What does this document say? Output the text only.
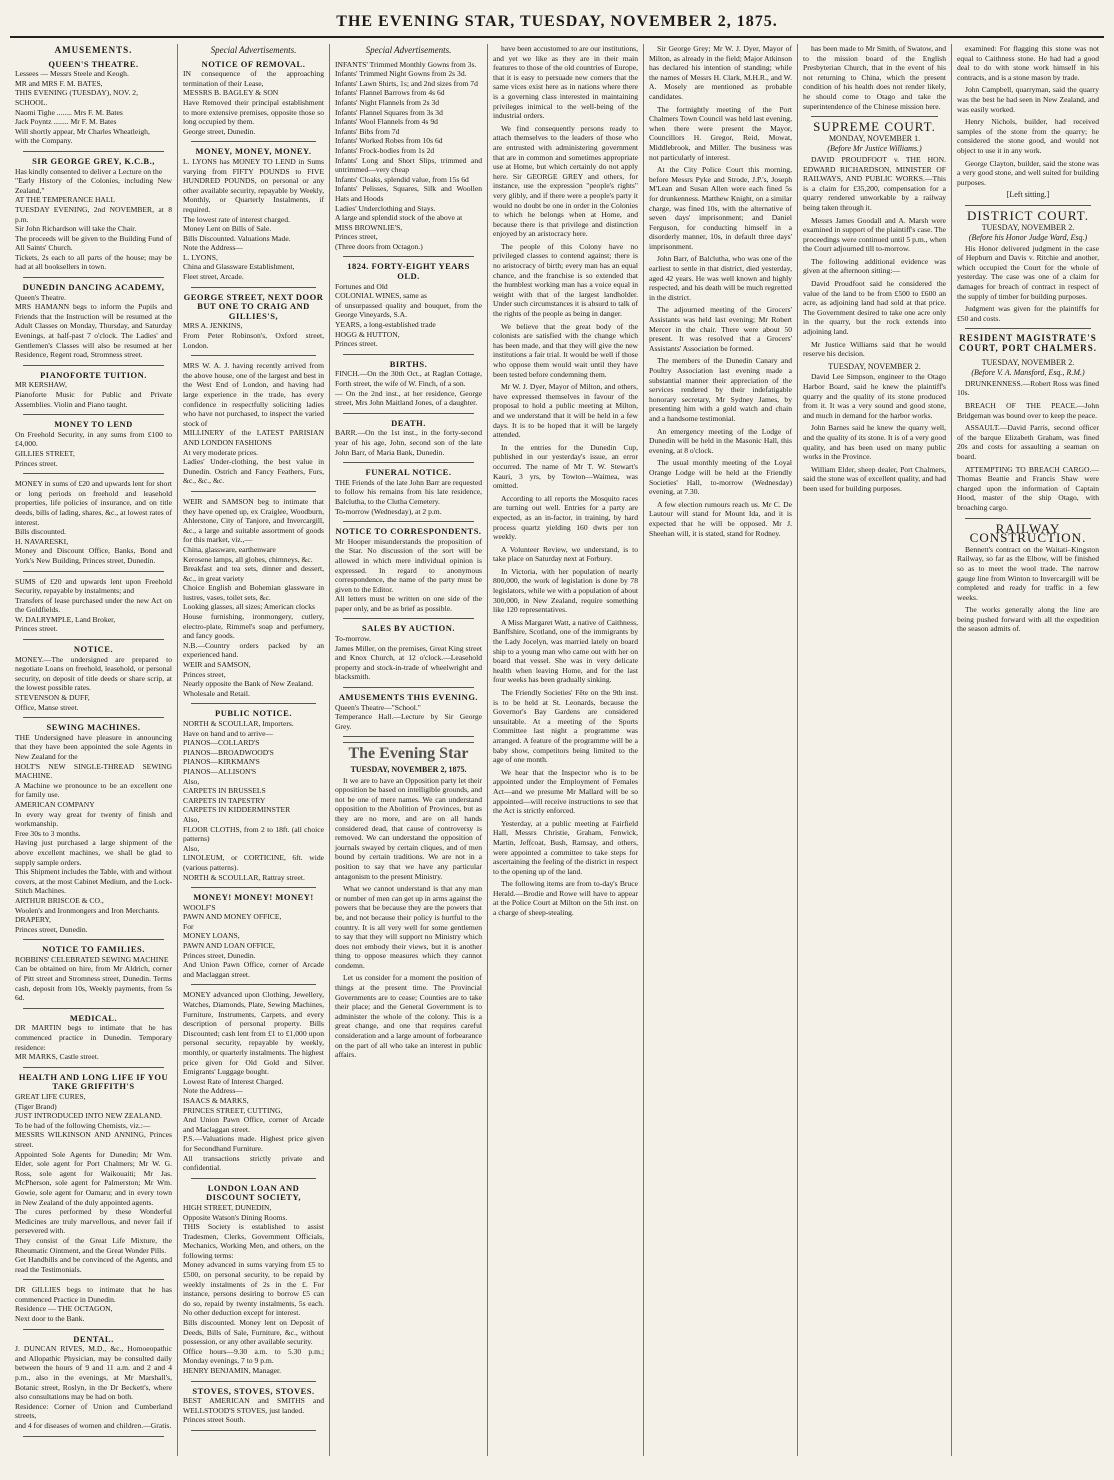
THE EVENING STAR, TUESDAY, NOVEMBER 2, 1875.
AMUSEMENTS.
QUEEN'S THEATRE.
Lessees — Messrs Steele and Keogh.
MR and MRS F. M. BATES,
THIS EVENING (TUESDAY), NOV. 2,
SCHOOL.
Naomi Tighe ........ Mrs F. M. Bates
Jack Poyntz ........ Mr F. M. Bates
Will shortly appear, Mr Charles Wheatleigh,
with the Company.
SIR GEORGE GREY, K.C.B.,
Has kindly consented to deliver a Lecture on the
"Early History of the Colonies, including New Zealand,"
AT THE TEMPERANCE HALL
TUESDAY EVENING, 2nd NOVEMBER, at 8 p.m.
Sir John Richardson will take the Chair.
The proceeds will be given to the Building Fund of All Saints' Church.
Tickets, 2s each to all parts of the house; may be had at all booksellers in town.
DUNEDIN DANCING ACADEMY,
Queen's Theatre.
MRS HAMANN begs to inform the Pupils and Friends that the Instruction will be resumed at the Adult Classes on Monday, Thursday, and Saturday Evenings, at half-past 7 o'clock. The Ladies' and Gentlemen's Classes will also be resumed at her Residence, Regent road, Stromness street.
PIANOFORTE TUITION.
MR KERSHAW,
Pianoforte Music for Public and Private Assemblies. Violin and Piano taught.
MONEY TO LEND
On Freehold Security, in any sums from £100 to £4,000.
GILLIES STREET,
Princes street.
MONEY in sums of £20 and upwards lent for short or long periods on freehold and leasehold properties, life policies of insurance, and on title deeds, bills of lading, shares, &c., at lowest rates of interest.
Bills discounted.
H. NAVARESKI,
Money and Discount Office, Banks, Bond and York's New Building, Princes street, Dunedin.
SUMS of £20 and upwards lent upon Freehold Security, repayable by instalments; and
Transfers of lease purchased under the new Act on the Goldfields.
W. DALRYMPLE, Land Broker,
Princes street.
NOTICE.
MONEY.—The undersigned are prepared to negotiate Loans on freehold, leasehold, or personal security, on deposit of title deeds or share scrip, at the lowest possible rates.
STEVENSON & DUFF,
Office, Manse street.
SEWING MACHINES.
THE Undersigned have pleasure in announcing that they have been appointed the sole Agents in New Zealand for the
HOLT'S NEW SINGLE-THREAD SEWING MACHINE.
A Machine we pronounce to be an excellent one for family use.
AMERICAN COMPANY
In every way great for twenty of finish and workmanship.
Free 30s to 3 months.
Having just purchased a large shipment of the above excellent machines, we shall be glad to supply sample orders.
This Shipment includes the Table, with and without covers, at the most Cabinet Medium, and the Lock-Stitch Machines.
ARTHUR BRISCOE & CO.,
Woolen's and Ironmongers and Iron Merchants.
DRAPERY,
Princes street, Dunedin.
NOTICE TO FAMILIES.
ROBBINS' CELEBRATED SEWING MACHINE
Can be obtained on hire, from Mr Aldrich, corner of Pitt street and Stromness street, Dunedin. Terms cash, deposit from 10s, Weekly payments, from 5s 6d.
MEDICAL.
DR MARTIN begs to intimate that he has commenced practice in Dunedin. Temporary residence:
MR MARKS, Castle street.
HEALTH AND LONG LIFE IF YOU TAKE GRIFFITH'S
GREAT LIFE CURES,
(Tiger Brand)
JUST INTRODUCED INTO NEW ZEALAND.
To be had of the following Chemists, viz.:—
MESSRS WILKINSON AND ANNING, Princes street.
Appointed Sole Agents for Dunedin; Mr Wm. Elder, sole agent for Port Chalmers; Mr W. G. Ross, sole agent for Waikouaiti; Mr Jas. McPherson, sole agent for Palmerston; Mr Wm. Gowie, sole agent for Oamaru; and in every town in New Zealand of the duly appointed agents.
The cures performed by these Wonderful Medicines are truly marvellous, and never fail if persevered with.
They consist of the Great Life Mixture, the Rheumatic Ointment, and the Great Wonder Pills.
Get Handbills and be convinced of the Agents, and read the Testimonials.
DR GILLIES begs to intimate that he has commenced Practice in Dunedin.
Residence — THE OCTAGON,
Next door to the Bank.
DENTAL.
J. DUNCAN RIVES, M.D., &c., Homoeopathic and Allopathic Physician, may be consulted daily between the hours of 9 and 11 a.m. and 2 and 4 p.m., also in the evenings, at Mr Marshall's, Botanic street, Roslyn, in the Dr Beckett's, where also consultations may be had on both.
Residence: Corner of Union and Cumberland streets,
and 4 for diseases of women and children.—Gratis.
Special Advertisements.
NOTICE OF REMOVAL.
IN consequence of the approaching termination of their Lease,
MESSRS B. BAGLEY & SON
Have Removed their principal establishment to more extensive premises, opposite those so long occupied by them.
George street, Dunedin.
MONEY, MONEY, MONEY.
L. LYONS has MONEY TO LEND in Sums varying from FIFTY POUNDS to FIVE HUNDRED POUNDS, on personal or any other available security, repayable by Weekly, Monthly, or Quarterly Instalments, if required.
The lowest rate of interest charged.
Money Lent on Bills of Sale.
Bills Discounted. Valuations Made.
Note the Address—
L. LYONS,
China and Glassware Establishment,
Fleet street, Arcade.
GEORGE STREET, NEXT DOOR BUT ONE TO CRAIG AND GILLIES'S,
MRS A. JENKINS,
From Peter Robinson's, Oxford street, London.
MRS W. A. J. having recently arrived from the above house, one of the largest and best in the West End of London, and having had large experience in the trade, has every confidence in respectfully soliciting ladies who have not purchased, to inspect the varied stock of
MILLINERY of the LATEST PARISIAN AND LONDON FASHIONS
At very moderate prices.
Ladies' Under-clothing, the best value in Dunedin. Ostrich and Fancy Feathers, Furs, &c., &c., &c.
WEIR and SAMSON beg to intimate that they have opened up, ex Craiglee, Woodburn, Ahlerstone, City of Tanjore, and Invercargill, &c., a large and suitable assortment of goods for this market, viz.,—
China, glassware, earthenware
Kerosene lamps, all globes, chimneys, &c.
Breakfast and tea sets, dinner and dessert, &c., in great variety
Choice English and Bohemian glassware in lustres, vases, toilet sets, &c.
Looking glasses, all sizes; American clocks
House furnishing, ironmongery, cutlery, electro-plate, Rimmel's soap and perfumery, and fancy goods.
N.B.—Country orders packed by an experienced hand.
WEIR and SAMSON,
Princes street,
Nearly opposite the Bank of New Zealand.
Wholesale and Retail.
PUBLIC NOTICE.
NORTH & SCOULLAR, Importers.
Have on hand and to arrive—
PIANOS—COLLARD'S
PIANOS—BROADWOOD'S
PIANOS—KIRKMAN'S
PIANOS—ALLISON'S
Also,
CARPETS IN BRUSSELS
CARPETS IN TAPESTRY
CARPETS IN KIDDERMINSTER
Also,
FLOOR CLOTHS, from 2 to 18ft. (all choice patterns)
Also,
LINOLEUM, or CORTICINE, 6ft. wide (various patterns).
NORTH & SCOULLAR, Rattray street.
MONEY! MONEY! MONEY!
WOOLF'S
PAWN AND MONEY OFFICE,
For
MONEY LOANS,
PAWN AND LOAN OFFICE,
Princes street, Dunedin.
And Union Pawn Office, corner of Arcade and Maclaggan street.
MONEY advanced upon Clothing, Jewellery, Watches, Diamonds, Plate, Sewing Machines, Furniture, Instruments, Carpets, and every description of personal property. Bills Discounted; cash lent from £1 to £1,000 upon personal security, repayable by weekly, monthly, or quarterly instalments. The highest price given for Old Gold and Silver. Emigrants' Luggage bought.
Lowest Rate of Interest Charged.
Note the Address—
ISAACS & MARKS,
PRINCES STREET, CUTTING,
And Union Pawn Office, corner of Arcade and Maclaggan street.
P.S.—Valuations made. Highest price given for Secondhand Furniture.
All transactions strictly private and confidential.
LONDON LOAN AND DISCOUNT SOCIETY,
HIGH STREET, DUNEDIN,
Opposite Watson's Dining Rooms.
THIS Society is established to assist Tradesmen, Clerks, Government Officials, Mechanics, Working Men, and others, on the following terms:
Money advanced in sums varying from £5 to £500, on personal security, to be repaid by weekly instalments of 2s in the £. For instance, persons desiring to borrow £5 can do so, repaid by twenty instalments, 5s each. No other deduction except for interest.
Bills discounted. Money lent on Deposit of Deeds, Bills of Sale, Furniture, &c., without possession, or any other available security.
Office hours—9.30 a.m. to 5.30 p.m.; Monday evenings, 7 to 9 p.m.
HENRY BENJAMIN, Manager.
STOVES, STOVES, STOVES.
BEST AMERICAN and SMITHS and WELLSTOOD'S STOVES, just landed.
Princes street South.
Special Advertisements.
INFANTS' Trimmed Monthly Gowns from 3s.
Infants' Trimmed Night Gowns from 2s 3d.
Infants' Lawn Shirts, 1s; and 2nd sizes from 7d
Infants' Flannel Barrows from 4s 6d
Infants' Night Flannels from 2s 3d
Infants' Flannel Squares from 3s 3d
Infants' Wool Flannels from 4s 9d
Infants' Bibs from 7d
Infants' Worked Robes from 10s 6d
Infants' Frock-bodies from 1s 2d
Infants' Long and Short Slips, trimmed and untrimmed—very cheap
Infants' Cloaks, splendid value, from 15s 6d
Infants' Pelisses, Squares, Silk and Woollen Hats and Hoods
Ladies' Underclothing and Stays.
A large and splendid stock of the above at
MISS BROWNLIE'S,
Princes street,
(Three doors from Octagon.)
1824. FORTY-EIGHT YEARS OLD.
Fortunes and Old
COLONIAL WINES, same as
of unsurpassed quality and bouquet, from the George Vineyards, S.A.
YEARS, a long-established trade
HOGG & HUTTON,
Princes street.
BIRTHS.
FINCH.—On the 30th Oct., at Raglan Cottage, Forth street, the wife of W. Finch, of a son.
— On the 2nd inst., at her residence, George street, Mrs John Maitland Jones, of a daughter.
DEATH.
BARR.—On the 1st inst., in the forty-second year of his age, John, second son of the late John Barr, of Maria Bank, Dunedin.
FUNERAL NOTICE.
THE Friends of the late John Barr are requested to follow his remains from his late residence, Balclutha, to the Clutha Cemetery.
To-morrow (Wednesday), at 2 p.m.
NOTICE TO CORRESPONDENTS.
Mr Hooper misunderstands the proposition of the Star. No discussion of the sort will be allowed in which mere individual opinion is expressed. In regard to anonymous correspondence, the name of the party must be given to the Editor.
All letters must be written on one side of the paper only, and be as brief as possible.
SALES BY AUCTION.
To-morrow.
James Miller, on the premises, Great King street and Knox Church, at 12 o'clock.—Leasehold property and stock-in-trade of wheelwright and blacksmith.
AMUSEMENTS THIS EVENING.
Queen's Theatre—"School."
Temperance Hall.—Lecture by Sir George Grey.
The Evening Star
TUESDAY, NOVEMBER 2, 1875.

It we are to have an Opposition party let their opposition be based on intelligible grounds, and not be one of mere names. We can understand opposition to the Abolition of Provinces, but as they are no more, and are on all hands considered dead, that cause of controversy is removed. We can understand the opposition of journals swayed by certain cliques, and of men bound by certain traditions. We are not in a position to say that we have any particular antagonism to the present Ministry.

What we cannot understand is that any man or number of men can get up in arms against the powers that be because they are the powers that be, and not because their policy is hurtful to the country. It is all very well for some gentlemen to say that they will support no Ministry which does not embody their views, but it is another thing to oppose measures which they cannot condemn.

Let us consider for a moment the position of things at the present time. The Provincial Governments are to cease; Counties are to take their place; and the General Government is to administer the whole of the colony. This is a great change, and one that requires careful consideration and a large amount of forbearance on the part of all who take an interest in public affairs.

have been accustomed to are our institutions, and yet we like as they are in their main features to those of the old countries of Europe, that it is easy to persuade new comers that the same vices exist here as in nations where there is a governing class interested in maintaining privileges inimical to the well-being of the industrial orders.

We find consequently persons ready to attach themselves to the leaders of those who are entrusted with administering government that are in common and sometimes appropriate use at Home, but which certainly do not apply here. Sir GEORGE GREY and others, for instance, use the expression "people's rights" very glibly, and if there were a people's party it would no doubt be one in order in the Colonies to which he belongs when at Home, and because there is that privilege and distinction enjoyed by an aristocracy here.

The people of this Colony have no privileged classes to contend against; there is no aristocracy of birth; every man has an equal chance, and the franchise is so extended that the humblest working man has a voice equal in weight with that of the largest landholder. Under such circumstances it is absurd to talk of the rights of the people as being in danger.

We believe that the great body of the colonists are satisfied with the change which has been made, and that they will give the new institutions a fair trial. It would be well if those who oppose them would wait until they have been tested before condemning them.

Mr W. J. Dyer, Mayor of Milton, and others, have expressed themselves in favour of the proposal to hold a public meeting at Milton, and we understand that it will be held in a few days. It is to be hoped that it will be largely attended.

In the entries for the Dunedin Cup, published in our yesterday's issue, an error occurred. The name of Mr T. W. Stewart's Kauri, 3 yrs, by Towton—Waimea, was omitted.

According to all reports the Mosquito races are turning out well. Entries for a party are expected, as an in-factor, in training, by hard process quartz yielding 160 dwts per ton weekly.

A Volunteer Review, we understand, is to take place on Saturday next at Forbury.

In Victoria, with her population of nearly 800,000, the work of legislation is done by 78 legislators, while we with a population of about 300,000, in New Zealand, require something like 120 representatives.

A Miss Margaret Watt, a native of Caithness, Banffshire, Scotland, one of the immigrants by the Lady Jocelyn, was married lately on board ship to a young man who came out with her on board that vessel. She was in very delicate health when leaving Home, and for the last four weeks has been gradually sinking.

The Friendly Societies' Fête on the 9th inst. is to be held at St. Leonards, because the Governor's Bay Gardens are considered unsuitable. At a meeting of the Sports Committee last night a programme was arranged. A feature of the programme will be a baby show, competitors being limited to the age of one month.

We hear that the Inspector who is to be appointed under the Employment of Females Act—and we presume Mr Mallard will be so appointed—will receive instructions to see that the Act is strictly enforced.

Yesterday, at a public meeting at Fairfield Hall, Messrs Christie, Graham, Fenwick, Martin, Jeffcoat, Bush, Ramsay, and others, were appointed a committee to take steps for ascertaining the feeling of the district in respect to the opening up of the land.

The following items are from to-day's Bruce Herald.—Brodie and Rowe will have to appear at the Police Court at Milton on the 5th inst. on a charge of sheep-stealing.

Sir George Grey; Mr W. J. Dyer, Mayor of Milton, as already in the field; Major Atkinson has declared his intention of standing; while the names of Messrs H. Clark, M.H.R., and W. A. Mosely are mentioned as probable candidates.

The fortnightly meeting of the Port Chalmers Town Council was held last evening, when there were present the Mayor, Councillors H. Gregor, Reid, Mowat, Middlebrook, and Miller. The business was not particularly of interest.

At the City Police Court this morning, before Messrs Pyke and Strode, J.P.'s, Joseph M'Lean and Susan Allen were each fined 5s for drunkenness. Matthew Knight, on a similar charge, was fined 10s, with the alternative of seven days' imprisonment; and Daniel Ferguson, for conducting himself in a disorderly manner, 10s, in default three days' imprisonment.

John Barr, of Balclutha, who was one of the earliest to settle in that district, died yesterday, aged 42 years. He was well known and highly respected, and his death will be much regretted in the district.

The adjourned meeting of the Grocers' Assistants was held last evening; Mr Robert Mercer in the chair. There were about 50 present. It was resolved that a Grocers' Assistants' Association be formed.

The members of the Dunedin Canary and Poultry Association last evening made a substantial manner their appreciation of the services rendered by their indefatigable honorary secretary, Mr Sydney James, by presenting him with a gold watch and chain and a handsome testimonial.

An emergency meeting of the Lodge of Dunedin will be held in the Masonic Hall, this evening, at 8 o'clock.

The usual monthly meeting of the Loyal Orange Lodge will be held at the Friendly Societies' Hall, to-morrow (Wednesday) evening, at 7.30.

A few election rumours reach us. Mr C. De Lautour will stand for Mount Ida, and it is expected that he will be opposed. Mr J. Sheehan will, it is stated, stand for Rodney.

has been made to Mr Smith, of Swatow, and to the mission board of the English Presbyterian Church, that in the event of his not returning to China, which the present condition of his health does not render likely, he should come to Otago and take the superintendence of the Chinese mission here.

SUPREME COURT.
MONDAY, NOVEMBER 1.
(Before Mr Justice Williams.)

DAVID PROUDFOOT v. THE HON. EDWARD RICHARDSON, MINISTER OF RAILWAYS, AND PUBLIC WORKS.—This is a claim for £35,200, compensation for a quarry rendered unworkable by a railway being taken through it.

Messrs James Goodall and A. Marsh were examined in support of the plaintiff's case. The proceedings were continued until 5 p.m., when the Court adjourned till to-morrow.

The following additional evidence was given at the afternoon sitting:—

David Proudfoot said he considered the value of the land to be from £500 to £600 an acre, as adjoining land had sold at that price. The Government desired to take one acre only in the quarry, but the rock extends into adjoining land.

Mr Justice Williams said that he would reserve his decision.

TUESDAY, NOVEMBER 2.

David Lee Simpson, engineer to the Otago Harbor Board, said he knew the plaintiff's quarry and the quality of its stone produced from it. It was a very sound and good stone, and much in demand for the harbor works.

John Barnes said he knew the quarry well, and the quality of its stone. It is of a very good quality, and has been used on many public works in the Province.

William Elder, sheep dealer, Port Chalmers, said the stone was of excellent quality, and had been used for building purposes.

examined: For flagging this stone was not equal to Caithness stone. He had had a good deal to do with stone work himself in his contracts, and is a stone mason by trade.

John Campbell, quarryman, said the quarry was the best he had seen in New Zealand, and was easily worked.

Henry Nichols, builder, had received samples of the stone from the quarry; he considered the stone good, and would not object to use it in any work.

George Clayton, builder, said the stone was a very good stone, and well suited for building purposes.

[Left sitting.]
DISTRICT COURT.
TUESDAY, NOVEMBER 2.
(Before his Honor Judge Ward, Esq.)

His Honor delivered judgment in the case of Hepburn and Davis v. Ritchie and another, which occupied the Court for the whole of yesterday. The case was one of a claim for damages for breach of contract in respect of the supply of timber for building purposes.

Judgment was given for the plaintiffs for £50 and costs.

RESIDENT MAGISTRATE'S COURT, PORT CHALMERS.
TUESDAY, NOVEMBER 2.
(Before V. A. Mansford, Esq., R.M.)

DRUNKENNESS.—Robert Ross was fined 10s.

BREACH OF THE PEACE.—John Bridgeman was bound over to keep the peace.

ASSAULT.—David Parris, second officer of the barque Elizabeth Graham, was fined 20s and costs for assaulting a seaman on board.

ATTEMPTING TO BREACH CARGO.—Thomas Beattie and Francis Shaw were charged upon the information of Captain Hood, master of the ship Otago, with broaching cargo.

RAILWAY CONSTRUCTION.

Bennett's contract on the Waitati–Kingston Railway, so far as the Elbow, will be finished so as to meet the wool trade. The narrow gauge line from Winton to Invercargill will be completed and ready for traffic in a few weeks.

The works generally along the line are being pushed forward with all the expedition the season admits of.
